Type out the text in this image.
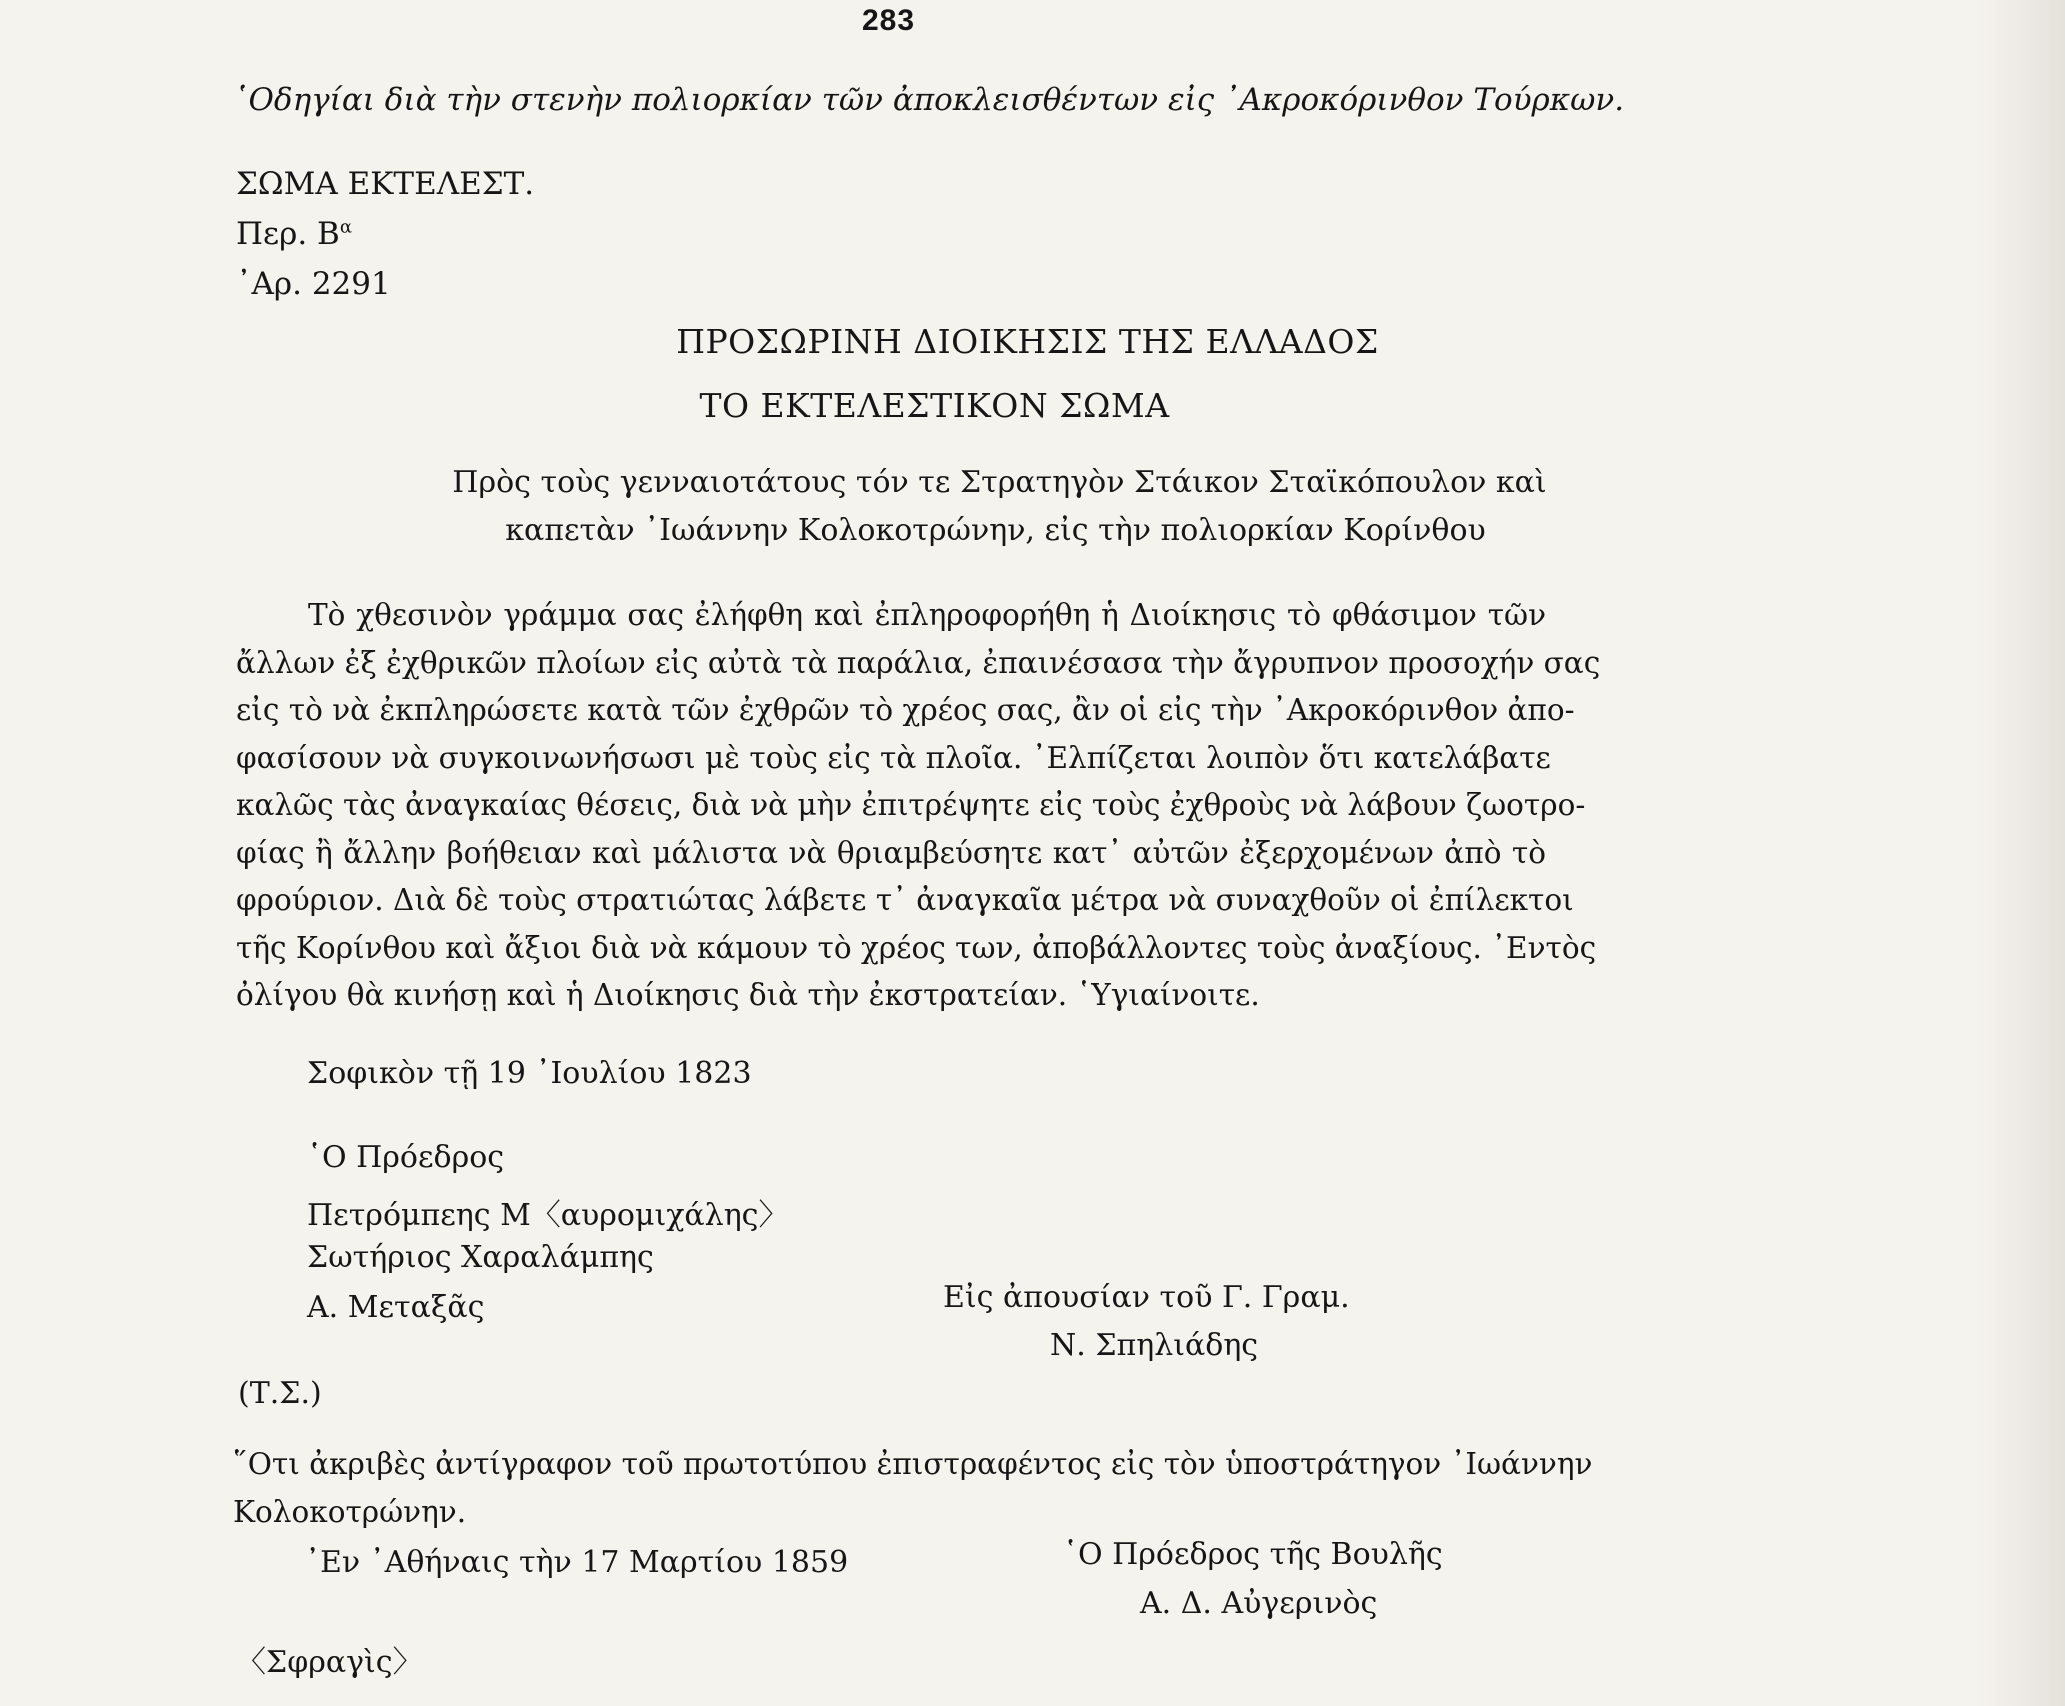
283
῾Οδηγίαι διὰ τὴν στενὴν πολιορκίαν τῶν ἀποκλεισθέντων εἰς ᾿Ακροκόρινθον Τούρκων.
ΣΩΜΑ ΕΚΤΕΛΕΣΤ.
Περ. $B^\alpha$
᾿Αρ. 2291
ΠΡΟΣΩΡΙΝΗ ΔΙΟΙΚΗΣΙΣ ΤΗΣ ΕΛΛΑΔΟΣ
ΤΟ ΕΚΤΕΛΕΣΤΙΚΟΝ ΣΩΜΑ
Πρὸς τοὺς γενναιοτάτους τόν τε Στρατηγὸν Στάικον Σταϊκόπουλον καὶ
καπετὰν ᾿Ιωάννην Κολοκοτρώνην, εἰς τὴν πολιορκίαν Κορίνθου
Τὸ χθεσινὸν γράμμα σας ἐλήφθη καὶ ἐπληροφορήθη ἡ Διοίκησις τὸ φθάσιμον τῶν
ἄλλων ἐξ ἐχθρικῶν πλοίων εἰς αὐτὰ τὰ παράλια, ἐπαινέσασα τὴν ἄγρυπνον προσοχήν σας
εἰς τὸ νὰ ἐκπληρώσετε κατὰ τῶν ἐχθρῶν τὸ χρέος σας, ἂν οἱ εἰς τὴν ᾿Ακροκόρινθον ἀπο-
φασίσουν νὰ συγκοινωνήσωσι μὲ τοὺς εἰς τὰ πλοῖα. ᾿Ελπίζεται λοιπὸν ὅτι κατελάβατε
καλῶς τὰς ἀναγκαίας θέσεις, διὰ νὰ μὴν ἐπιτρέψητε εἰς τοὺς ἐχθροὺς νὰ λάβουν ζωοτρο-
φίας ἢ ἄλλην βοήθειαν καὶ μάλιστα νὰ θριαμβεύσητε κατ᾿ αὐτῶν ἐξερχομένων ἀπὸ τὸ
φρούριον. Διὰ δὲ τοὺς στρατιώτας λάβετε τ᾿ ἀναγκαῖα μέτρα νὰ συναχθοῦν οἱ ἐπίλεκτοι
τῆς Κορίνθου καὶ ἄξιοι διὰ νὰ κάμουν τὸ χρέος των, ἀποβάλλοντες τοὺς ἀναξίους. ᾿Εντὸς
ὀλίγου θὰ κινήσῃ καὶ ἡ Διοίκησις διὰ τὴν ἐκστρατείαν. ῾Υγιαίνοιτε.
Σοφικὸν τῇ 19 ᾿Ιουλίου 1823
῾Ο Πρόεδρος
Πετρόμπεης Μ〈αυρομιχάλης〉
Σωτήριος Χαραλάμπης
Α. Μεταξᾶς	Εἰς ἀπουσίαν τοῦ Γ. Γραμ.
Ν. Σπηλιάδης
(Τ.Σ.)
῞Οτι ἀκριβὲς ἀντίγραφον τοῦ πρωτοτύπου ἐπιστραφέντος εἰς τὸν ὑποστράτηγον ᾿Ιωάννην
Κολοκοτρώνην.
᾿Εν ᾿Αθήναις τὴν 17 Μαρτίου 1859	῾Ο Πρόεδρος τῆς Βουλῆς
Α. Δ. Αὐγερινὸς
〈Σφραγὶς〉
